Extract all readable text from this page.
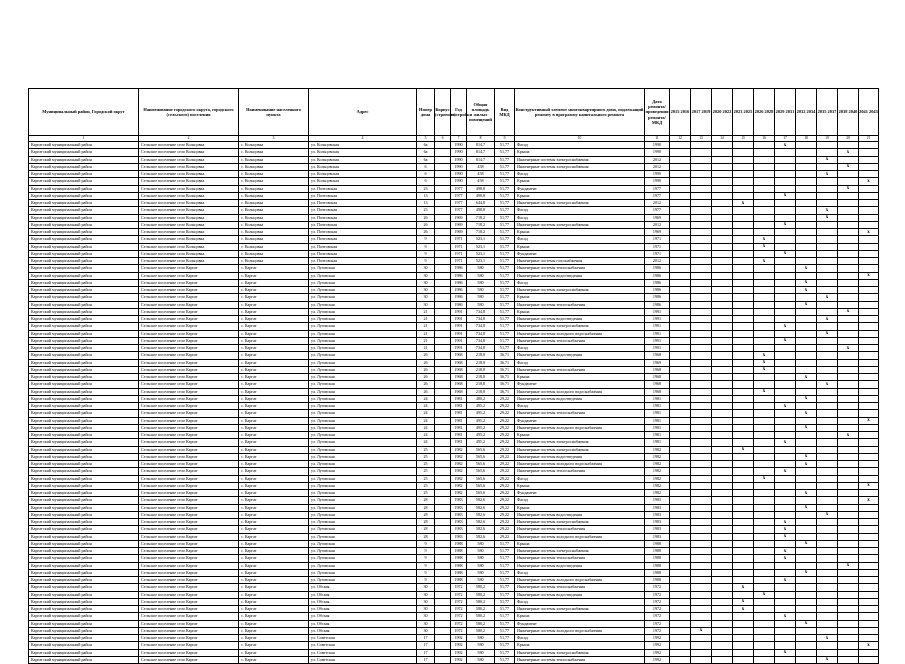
Муниципальный район, Городской округ	Наименование городского округа, городского (сельского) поселения	Наименование населенного пункта	Адрес	Номер дома	Корпус (строение)	Год постройки	Общая площадь жилых помещений	Вид МКД	Конструктивный элемент многоквартирного дома, подлежащий ремонту в программу капитального ремонта	Дата ремонта/ проведения ремонта/ МКД	2015 2016	2017 2019	2020 2022	2023 2025	2026 2028	2029 2031	2032 2034	2035 2037	2038 2040	2041 2043
1	2	3	4	5	6	7	8	9	10	11	12	13	14	15	16	17	18	19	20	21
Каргатский муниципальный район	Сельское поселение село Кольцовка	с. Кольцовка	ул. Кольцовская	6а		1990	814,7	51,77	Фасад	1990						x				
Каргатский муниципальный район	Сельское поселение село Кольцовка	с. Кольцовка	ул. Кольцовская	6а		1990	814,7	51,77	Крыша	1990									x	
Каргатский муниципальный район	Сельское поселение село Кольцовка	с. Кольцовка	ул. Кольцовская	6а		1990	814,7	51,77	Инженерные системы электроснабжения	2012								x		
Каргатский муниципальный район	Сельское поселение село Кольцовка	с. Кольцовка	ул. Кольцовская	6		1990	458	51,77	Инженерные системы электроснабжения	2012									x	
Каргатский муниципальный район	Сельское поселение село Кольцовка	с. Кольцовка	ул. Кольцовская	6		1990	458	51,77	Фасад	1990								x		
Каргатский муниципальный район	Сельское поселение село Кольцовка	с. Кольцовка	ул. Кольцовская	6		1990	458	51,77	Крыша	1990										x
Каргатский муниципальный район	Сельское поселение село Кольцовка	с. Кольцовка	ул. Почтовская	23		1977	498,8	51,77	Фундамент	1977									x	
Каргатский муниципальный район	Сельское поселение село Кольцовка	с. Кольцовка	ул. Почтовская	13		1977	498,8	51,77	Крыша	1977						x				
Каргатский муниципальный район	Сельское поселение село Кольцовка	с. Кольцовка	ул. Почтовская	13		1977	644,8	51,77	Инженерные системы электроснабжения	2012				x						
Каргатский муниципальный район	Сельское поселение село Кольцовка	с. Кольцовка	ул. Почтовская	23		1977	498,8	51,77	Фасад	1977								x		
Каргатский муниципальный район	Сельское поселение село Кольцовка	с. Кольцовка	ул. Почтовская	26		1969	718,2	51,77	Фасад	1969								x		
Каргатский муниципальный район	Сельское поселение село Кольцовка	с. Кольцовка	ул. Почтовская	26		1969	718,2	51,77	Инженерные системы электроснабжения	2012						x				
Каргатский муниципальный район	Сельское поселение село Кольцовка	с. Кольцовка	ул. Почтовская	26		1969	718,2	51,77	Крыша	1969										x
Каргатский муниципальный район	Сельское поселение село Кольцовка	с. Кольцовка	ул. Почтовская	9		1971	523,1	51,77	Фасад	1971					x					
Каргатский муниципальный район	Сельское поселение село Кольцовка	с. Кольцовка	ул. Почтовская	9		1971	523,1	51,77	Крыша	1971					x					
Каргатский муниципальный район	Сельское поселение село Кольцовка	с. Кольцовка	ул. Почтовская	9		1971	523,1	51,77	Фундамент	1971						x				
Каргатский муниципальный район	Сельское поселение село Кольцовка	с. Кольцовка	ул. Почтовская	9		1971	523,1	51,77	Инженерные системы газоснабжения	2012					x					
Каргатский муниципальный район	Сельское поселение село Каргат	с. Каргат	ул. Луговская	30		1986	580	51,77	Инженерные системы теплоснабжения	1986							x			
Каргатский муниципальный район	Сельское поселение село Каргат	с. Каргат	ул. Луговская	30		1986	580	51,77	Инженерные системы водоотведения	1986										x
Каргатский муниципальный район	Сельское поселение село Каргат	с. Каргат	ул. Луговская	30		1986	580	51,77	Фасад	1986							x			
Каргатский муниципальный район	Сельское поселение село Каргат	с. Каргат	ул. Луговская	30		1986	580	51,77	Инженерные системы электроснабжения	1986							x			
Каргатский муниципальный район	Сельское поселение село Каргат	с. Каргат	ул. Луговская	30		1986	580	51,77	Крыша	1986								x		
Каргатский муниципальный район	Сельское поселение село Каргат	с. Каргат	ул. Луговская	30		1986	580	51,77	Инженерные системы теплоснабжения	1986							x			
Каргатский муниципальный район	Сельское поселение село Каргат	с. Каргат	ул. Луговская	21		1991	734,8	51,77	Крыша	1991									x	
Каргатский муниципальный район	Сельское поселение село Каргат	с. Каргат	ул. Луговская	21		1991	734,8	51,77	Инженерные системы водоотведения	1991								x		
Каргатский муниципальный район	Сельское поселение село Каргат	с. Каргат	ул. Луговская	21		1991	734,8	51,77	Инженерные системы электроснабжения	1991						x				
Каргатский муниципальный район	Сельское поселение село Каргат	с. Каргат	ул. Луговская	21		1991	734,8	51,77	Инженерные системы холодного водоснабжения	1991								x		
Каргатский муниципальный район	Сельское поселение село Каргат	с. Каргат	ул. Луговская	21		1991	734,8	51,77	Инженерные системы теплоснабжения	1991						x				
Каргатский муниципальный район	Сельское поселение село Каргат	с. Каргат	ул. Луговская	21		1991	734,8	51,77	Фасад	1991									x	
Каргатский муниципальный район	Сельское поселение село Каргат	с. Каргат	ул. Луговская	26		1968	218,8	36,71	Инженерные системы водоотведения	1968					x					
Каргатский муниципальный район	Сельское поселение село Каргат	с. Каргат	ул. Луговская	26		1968	218,8	36,71	Фасад	1969					x					
Каргатский муниципальный район	Сельское поселение село Каргат	с. Каргат	ул. Луговская	26		1968	218,8	36,71	Инженерные системы теплоснабжения	1968					x					
Каргатский муниципальный район	Сельское поселение село Каргат	с. Каргат	ул. Луговская	26		1968	218,8	36,71	Крыша	1968							x			
Каргатский муниципальный район	Сельское поселение село Каргат	с. Каргат	ул. Луговская	26		1968	218,8	36,71	Фундамент	1968								x		
Каргатский муниципальный район	Сельское поселение село Каргат	с. Каргат	ул. Луговская	26		1968	218,8	36,71	Инженерные системы холодного водоснабжения	1968					x					
Каргатский муниципальный район	Сельское поселение село Каргат	с. Каргат	ул. Луговская	24		1981	480,2	29,22	Инженерные системы водоотведения	1981							x			
Каргатский муниципальный район	Сельское поселение село Каргат	с. Каргат	ул. Луговская	24		1981	495,2	29,22	Фасад	1981						x				
Каргатский муниципальный район	Сельское поселение село Каргат	с. Каргат	ул. Луговская	24		1981	495,2	29,22	Инженерные системы теплоснабжения	1981							x			
Каргатский муниципальный район	Сельское поселение село Каргат	с. Каргат	ул. Луговская	24		1981	495,2	29,22	Фундамент	1981										x
Каргатский муниципальный район	Сельское поселение село Каргат	с. Каргат	ул. Луговская	24		1981	495,2	29,22	Инженерные системы холодного водоснабжения	1981							x			
Каргатский муниципальный район	Сельское поселение село Каргат	с. Каргат	ул. Луговская	24		1981	495,2	29,22	Крыша	1981									x	
Каргатский муниципальный район	Сельское поселение село Каргат	с. Каргат	ул. Луговская	24		1981	495,2	29,22	Инженерные системы электроснабжения	1981						x				
Каргатский муниципальный район	Сельское поселение село Каргат	с. Каргат	ул. Луговская	25		1982	565,6	29,22	Инженерные системы электроснабжения	1982				x						
Каргатский муниципальный район	Сельское поселение село Каргат	с. Каргат	ул. Луговская	25		1982	565,6	29,22	Инженерные системы водоотведения	1982							x			
Каргатский муниципальный район	Сельское поселение село Каргат	с. Каргат	ул. Луговская	25		1982	565,6	29,22	Инженерные системы холодного водоснабжения	1982							x			
Каргатский муниципальный район	Сельское поселение село Каргат	с. Каргат	ул. Луговская	25		1982	565,6	29,22	Инженерные системы теплоснабжения	1982						x				
Каргатский муниципальный район	Сельское поселение село Каргат	с. Каргат	ул. Луговская	25		1982	565,6	29,22	Фасад	1982					x					
Каргатский муниципальный район	Сельское поселение село Каргат	с. Каргат	ул. Луговская	25		1982	565,6	29,22	Крыша	1982										x
Каргатский муниципальный район	Сельское поселение село Каргат	с. Каргат	ул. Луговская	25		1982	565,6	29,22	Фундамент	1982							x			
Каргатский муниципальный район	Сельское поселение село Каргат	с. Каргат	ул. Луговская	28		1983	582,6	29,22	Фасад	1983										x
Каргатский муниципальный район	Сельское поселение село Каргат	с. Каргат	ул. Луговская	28		1983	582,6	29,22	Крыша	1983							x			
Каргатский муниципальный район	Сельское поселение село Каргат	с. Каргат	ул. Луговская	28		1983	582,6	29,22	Инженерные системы водоотведения	1983								x		
Каргатский муниципальный район	Сельское поселение село Каргат	с. Каргат	ул. Луговская	28		1983	582,6	29,22	Инженерные системы электроснабжения	1983						x				
Каргатский муниципальный район	Сельское поселение село Каргат	с. Каргат	ул. Луговская	28		1983	582,6	29,22	Инженерные системы теплоснабжения	1983						x				
Каргатский муниципальный район	Сельское поселение село Каргат	с. Каргат	ул. Луговская	28		1983	582,6	29,22	Инженерные системы холодного водоснабжения	1983						x				
Каргатский муниципальный район	Сельское поселение село Каргат	с. Каргат	ул. Луговская	9		1988	580	51,77	Крыша	1988							x			
Каргатский муниципальный район	Сельское поселение село Каргат	с. Каргат	ул. Луговская	9		1988	580	51,77	Инженерные системы электроснабжения	1988						x				
Каргатский муниципальный район	Сельское поселение село Каргат	с. Каргат	ул. Луговская	9		1988	580	51,77	Инженерные системы теплоснабжения	1988						x				
Каргатский муниципальный район	Сельское поселение село Каргат	с. Каргат	ул. Луговская	9		1988	580	51,77	Инженерные системы водоотведения	1988									x	
Каргатский муниципальный район	Сельское поселение село Каргат	с. Каргат	ул. Луговская	9		1988	580	51,77	Фасад	1988							x			
Каргатский муниципальный район	Сельское поселение село Каргат	с. Каргат	ул. Луговская	9		1988	580	51,77	Инженерные системы холодного водоснабжения	1988						x				
Каргатский муниципальный район	Сельское поселение село Каргат	с. Каргат	ул. Обская	30		1972	580,2	51,77	Инженерные системы теплоснабжения	1972				x						
Каргатский муниципальный район	Сельское поселение село Каргат	с. Каргат	ул. Обская	30		1972	580,2	51,77	Инженерные системы водоотведения	1972					x					
Каргатский муниципальный район	Сельское поселение село Каргат	с. Каргат	ул. Обская	30		1972	580,2	51,77	Фасад	1972				x						
Каргатский муниципальный район	Сельское поселение село Каргат	с. Каргат	ул. Обская	30		1972	580,2	51,77	Инженерные системы электроснабжения	1972				x						
Каргатский муниципальный район	Сельское поселение село Каргат	с. Каргат	ул. Обская	30		1972	580,2	51,77	Крыша	1972						x				
Каргатский муниципальный район	Сельское поселение село Каргат	с. Каргат	ул. Обская	30		1972	580,2	51,77	Фундамент	1972							x			
Каргатский муниципальный район	Сельское поселение село Каргат	с. Каргат	ул. Обская	30		1972	580,2	51,77	Инженерные системы холодного водоснабжения	1972		x								
Каргатский муниципальный район	Сельское поселение село Каргат	с. Каргат	ул. Советская	17		1992	580	51,77	Фасад	1992								x		
Каргатский муниципальный район	Сельское поселение село Каргат	с. Каргат	ул. Советская	17		1992	580	51,77	Крыша	1992										x
Каргатский муниципальный район	Сельское поселение село Каргат	с. Каргат	ул. Советская	17		1992	580	51,77	Инженерные системы электроснабжения	1992						x				
Каргатский муниципальный район	Сельское поселение село Каргат	с. Каргат	ул. Советская	17		1992	580	51,77	Инженерные системы теплоснабжения	1992								x		
